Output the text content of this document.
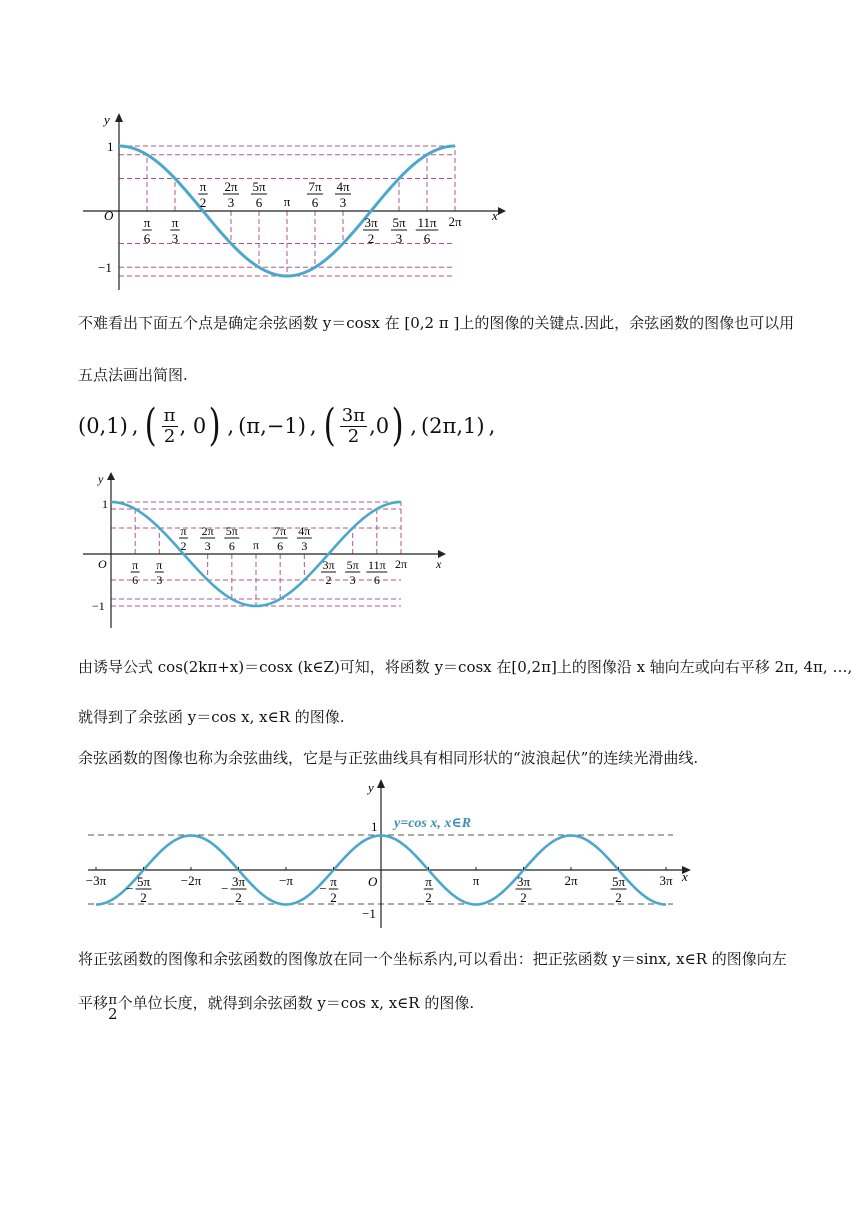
y
x
O
1
−1
π
2
2π
3
5π
6 π
7π
6
4π
3
π
6
π
3
3π
2
5π
3
11π
6
2π
不难看出下面五个点是确定余弦函数 y＝cosx 在 [0,2 π ]上的图像的关键点.因此，余弦函数的图像也可以用
五点法画出简图.
(0,1) , ( π
2 , 0 ) , (π,−1) , ( 3π
2 ,0 ) , (2π,1) ,
y
x
O
1
−1
π
2
2π
3
5π
6 π
7π
6
4π
3
π
6
π
3
3π
2
5π
3
11π
6
2π
由诱导公式 cos(2kπ+x)＝cosx (k∈Z)可知，将函数 y＝cosx 在[0,2π]上的图像沿 x 轴向左或向右平移 2π, 4π, …,
就得到了余弦函 y＝cos x, x∈R 的图像.
余弦函数的图像也称为余弦曲线，它是与正弦曲线具有相同形状的“波浪起伏”的连续光滑曲线.
y=cos x, x∈R
y
x
O
1
−1
−3π 5π
2
−
−2π 3π
2
−
−π	π
2
−	π
2
π	3π
2
2π	5π
2
3π
将正弦函数的图像和余弦函数的图像放在同一个坐标系内,可以看出：把正弦函数 y＝sinx, x∈R 的图像向左
平移 π
2
个单位长度，就得到余弦函数 y＝cos x, x∈R 的图像.
